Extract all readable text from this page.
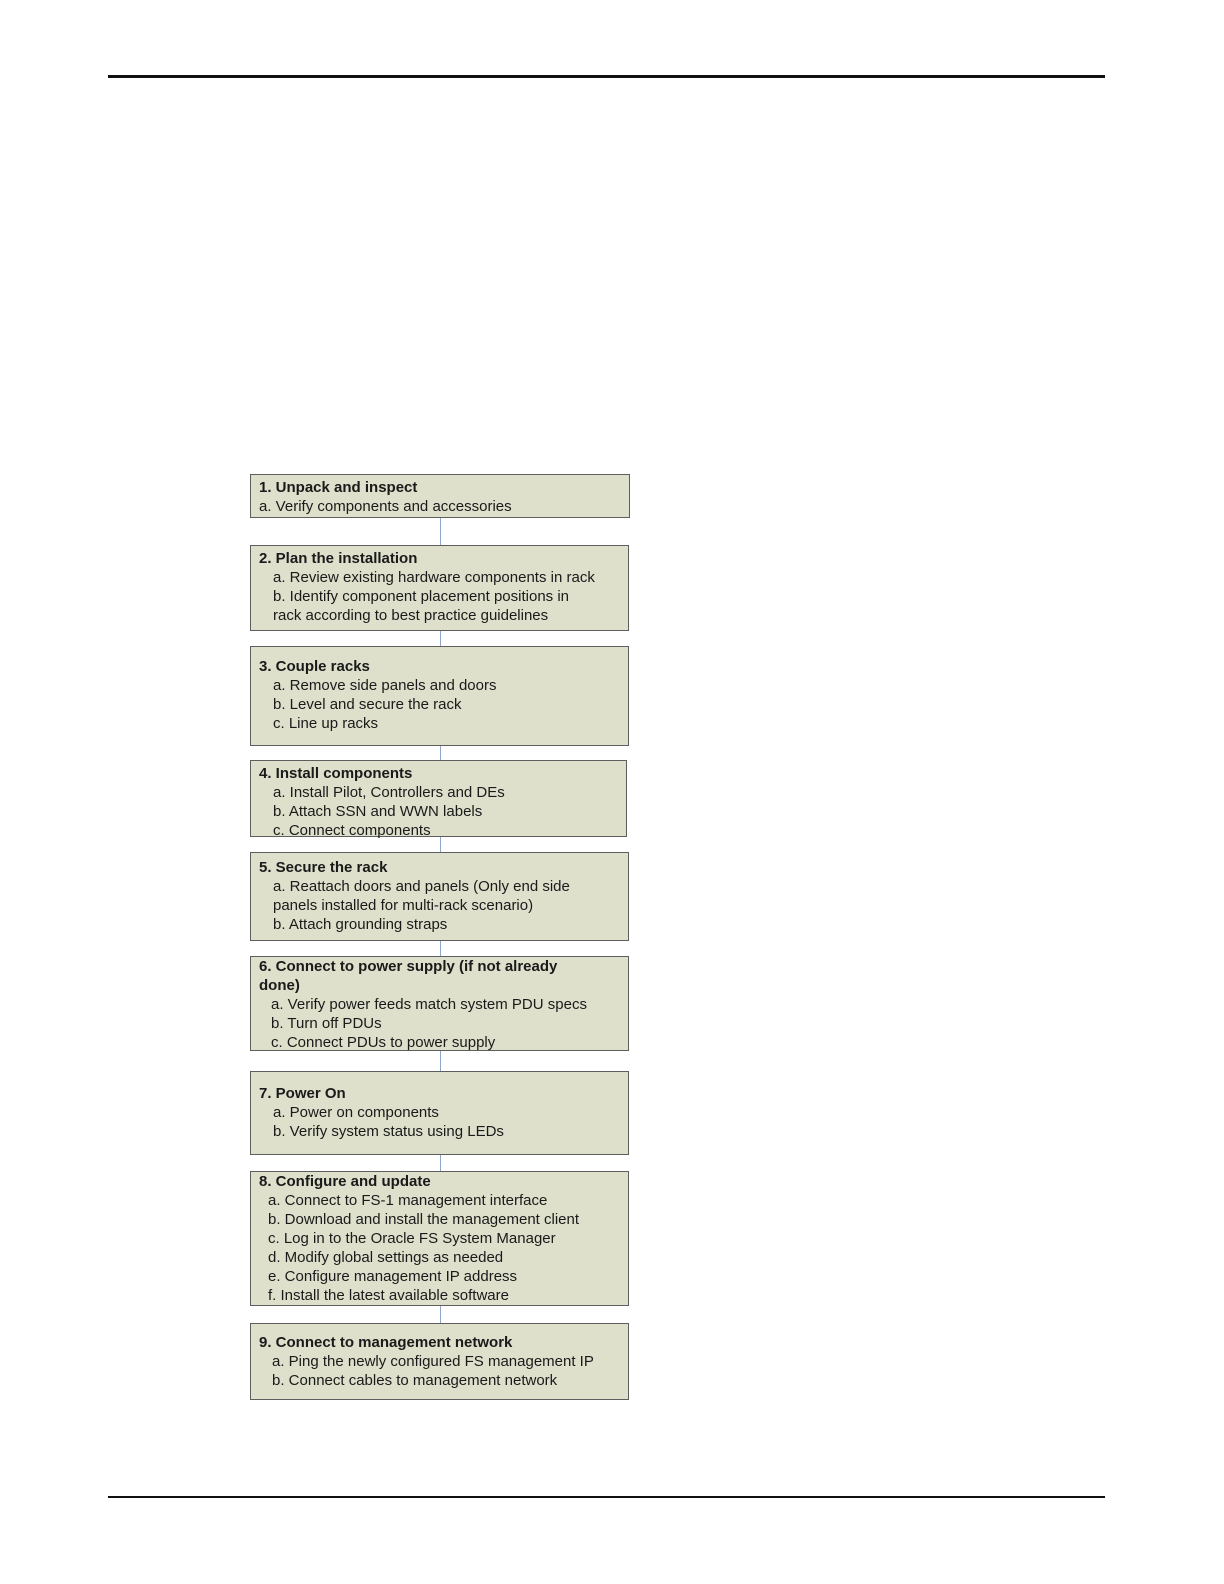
1. Unpack and inspect
a. Verify components and accessories
2. Plan the installation
a. Review existing hardware components in rack
b. Identify component placement positions in
rack according to best practice guidelines
3. Couple racks
a. Remove side panels and doors
b. Level and secure the rack
c. Line up racks
4. Install components
a. Install Pilot, Controllers and DEs
b. Attach SSN and WWN labels
c. Connect components
5. Secure the rack
a. Reattach doors and panels (Only end side
panels installed for multi-rack scenario)
b. Attach grounding straps
6. Connect to power supply (if not already done)
a. Verify power feeds match system PDU specs
b. Turn off PDUs
c. Connect PDUs to power supply
7. Power On
a. Power on components
b. Verify system status using LEDs
8. Configure and update
a. Connect to FS-1 management interface
b. Download and install the management client
c. Log in to the Oracle FS System Manager
d. Modify global settings as needed
e. Configure management IP address
f. Install the latest available software
9. Connect to management network
a. Ping the newly configured FS management IP
b. Connect cables to management network
